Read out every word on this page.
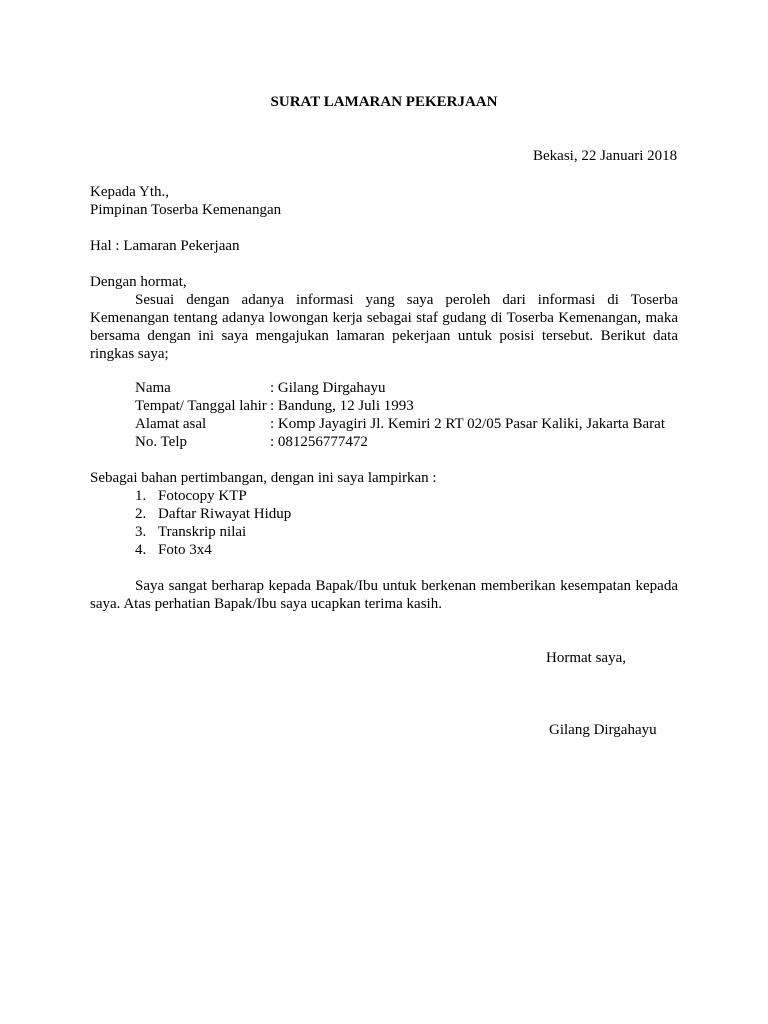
SURAT LAMARAN PEKERJAAN
Bekasi, 22 Januari 2018
Kepada Yth.,
Pimpinan Toserba Kemenangan
Hal : Lamaran Pekerjaan
Dengan hormat,
Sesuai dengan adanya informasi yang saya peroleh dari informasi di Toserba Kemenangan tentang adanya lowongan kerja sebagai staf gudang di Toserba Kemenangan, maka bersama dengan ini saya mengajukan lamaran pekerjaan untuk posisi tersebut. Berikut data ringkas saya;
Nama	: Gilang Dirgahayu
Tempat/ Tanggal lahir : Bandung, 12 Juli 1993
Alamat asal	: Komp Jayagiri Jl. Kemiri 2 RT 02/05 Pasar Kaliki, Jakarta Barat
No. Telp	: 081256777472
Sebagai bahan pertimbangan, dengan ini saya lampirkan :
1. Fotocopy KTP
2. Daftar Riwayat Hidup
3. Transkrip nilai
4. Foto 3x4
Saya sangat berharap kepada Bapak/Ibu untuk berkenan memberikan kesempatan kepada saya. Atas perhatian Bapak/Ibu saya ucapkan terima kasih.
Hormat saya,
Gilang Dirgahayu
